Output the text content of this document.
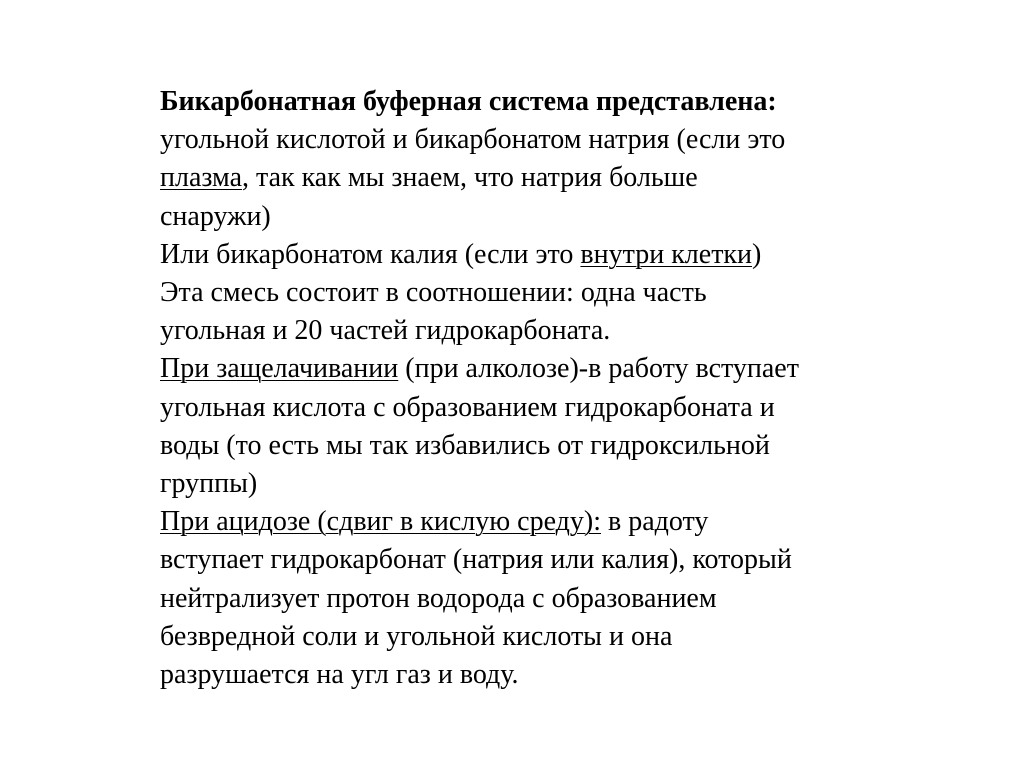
Бикарбонатная буферная система представлена:
угольной кислотой и бикарбонатом натрия (если это
плазма, так как мы знаем, что натрия больше
снаружи)
Или бикарбонатом калия (если это внутри клетки)
Эта смесь состоит в соотношении: одна часть
угольная и 20 частей гидрокарбоната.
При защелачивании (при алколозе)-в работу вступает
угольная кислота с образованием гидрокарбоната и
воды (то есть мы так избавились от гидроксильной
группы)
При ацидозе (сдвиг в кислую среду): в радоту
вступает гидрокарбонат (натрия или калия), который
нейтрализует протон водорода с образованием
безвредной соли и угольной кислоты и она
разрушается на угл газ и воду.
